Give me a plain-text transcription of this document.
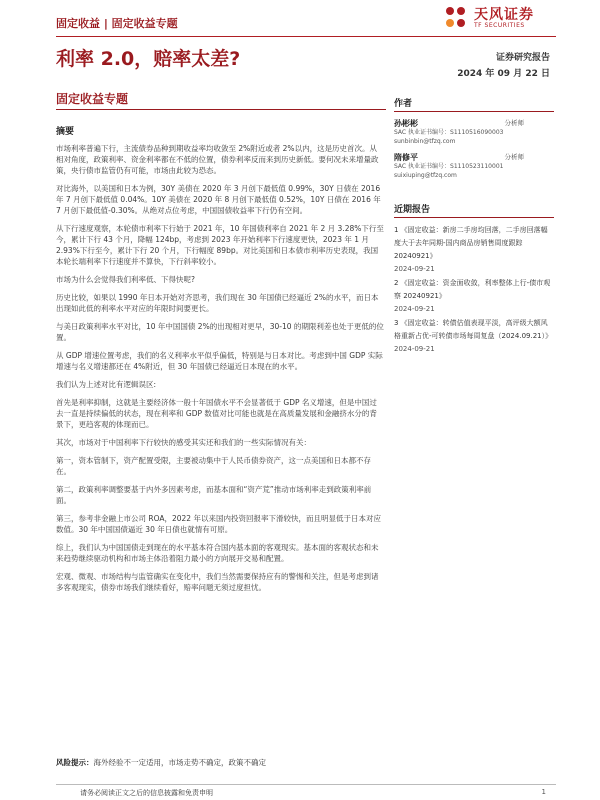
固定收益 | 固定收益专题
天风证券
TF SECURITIES
利率 2.0，赔率太差?	证券研究报告
2024 年 09 月 22 日
固定收益专题
摘要

市场利率普遍下行，主流债券品种到期收益率均收敛至 2%附近或者 2%以内，这是历史首次。从相对角度，政策利率、资金利率都在不低的位置，债券利率反而来到历史新低。要何况未来增量政策，央行债市监管仍有可能，市场由此较为恐态。

对比海外，以美国和日本为例，30Y 美债在 2020 年 3 月创下最低值 0.99%，30Y 日债在 2016 年 7 月创下最低值 0.04%。10Y 美债在 2020 年 8 月创下最低值 0.52%，10Y 日债在 2016 年 7 月创下最低值-0.30%。从绝对点位考虑，中国国债收益率下行仍有空间。

从下行速度观察，本轮债市利率下行始于 2021 年，10 年国债利率自 2021 年 2 月 3.28%下行至今，累计下行 43 个月，降幅 124bp，考虑到 2023 年开始利率下行速度更快，2023 年 1 月 2.93%下行至今，累计下行 20 个月，下行幅度 89bp。对比美国和日本债市利率历史表现，我国本轮长端利率下行速度并不算快，下行斜率较小。

市场为什么会觉得我们利率低、下得快呢?

历史比较，如果以 1990 年日本开始对齐思考，我们现在 30 年国债已经逼近 2%的水平，而日本出现如此低的利率水平对应的年限时间要更长。

与美日政策利率水平对比，10 年中国国债 2%的出现相对更早，30-10 的期限利差也处于更低的位置。

从 GDP 增速位置考虑，我们的名义利率水平似乎偏低，特别是与日本对比。考虑到中国 GDP 实际增速与名义增速都还在 4%附近，但 30 年国债已经逼近日本现在的水平。

我们认为上述对比有逻辑误区:

首先是利率抑制，这就是主要经济体一般十年国债水平不会显著低于 GDP 名义增速，但是中国过去一直是持续偏低的状态，现在利率和 GDP 数值对比可能也就是在高质量发展和金融挤水分的背景下，更趋客观的体现而已。

其次，市场对于中国利率下行较快的感受其实还和我们的一些实际情况有关：

第一，资本管制下，资产配置受限，主要被动集中于人民币债券资产，这一点美国和日本都不存在。

第二，政策利率调整要基于内外多因素考虑，而基本面和“资产荒”推动市场利率走到政策利率前面。

第三，参考非金融上市公司 ROA，2022 年以来国内投资回报率下滑较快，而且明显低于日本对应数值。30 年中国国债逼近 30 年日债也就情有可原。

综上，我们认为中国国债走到现在的水平基本符合国内基本面的客观现实。基本面的客观状态和未来趋势继续驱动机构和市场主体沿着阻力最小的方向展开交易和配置。

宏观、微观、市场结构与监管确实在变化中，我们当然需要保持应有的警惕和关注，但是考虑到诸多客观现实，债券市场我们继续看好，赔率问题无须过度担忧。

作者
孙彬彬	分析师
SAC 执业证书编号：S1110516090003
sunbinbin@tfzq.com
隋修平	分析师
SAC 执业证书编号：S1110523110001
suixiuping@tfzq.com
近期报告
1 《固定收益：新房二手房均回落，二手房回落幅度大于去年同期-国内商品房销售周度跟踪 20240921》
2024-09-21
2 《固定收益：资金面收敛，利率整体上行-债市观察 20240921》
2024-09-21
3 《固定收益：转债估值表现平淡，高评级大额风格重新占优-可转债市场每周复盘（2024.09.21）》
2024-09-21
风险提示：海外经验不一定适用，市场走势不确定，政策不确定
请务必阅读正文之后的信息披露和免责申明	1
